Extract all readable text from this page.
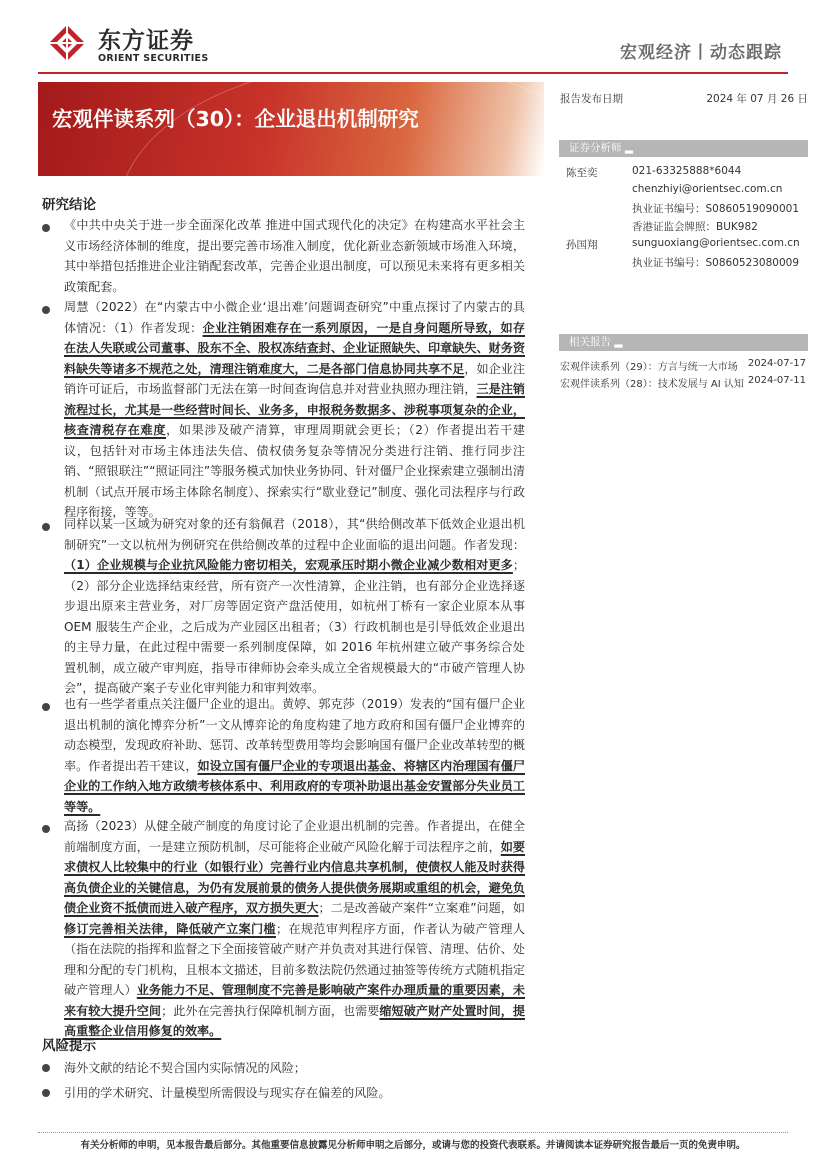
东方证券
ORIENT SECURITIES	宏观经济丨动态跟踪
宏观伴读系列（30）：企业退出机制研究
报告发布日期	2024 年 07 月 26 日
证券分析师 ▂
陈至奕	021-63325888*6044
chenzhiyi@orientsec.com.cn
执业证书编号：S0860519090001
香港证监会牌照：BUK982
孙国翔	sunguoxiang@orientsec.com.cn
执业证书编号：S0860523080009
相关报告 ▂
宏观伴读系列（29）：方言与统一大市场 2024-07-17
宏观伴读系列（28）：技术发展与 AI 认知 2024-07-11
研究结论
《中共中央关于进一步全面深化改革 推进中国式现代化的决定》在构建高水平社会主义市场经济体制的维度，提出要完善市场准入制度，优化新业态新领域市场准入环境，其中举措包括推进企业注销配套改革，完善企业退出制度，可以预见未来将有更多相关政策配套。
周慧（2022）在“内蒙古中小微企业‘退出难’问题调查研究”中重点探讨了内蒙古的具体情况：（1）作者发现：企业注销困难存在一系列原因，一是自身问题所导致，如存在法人失联或公司董事、股东不全、股权冻结查封、企业证照缺失、印章缺失、财务资料缺失等诸多不规范之处，清理注销难度大，二是各部门信息协同共享不足，如企业注销许可证后，市场监督部门无法在第一时间查询信息并对营业执照办理注销，三是注销流程过长，尤其是一些经营时间长、业务多，申报税务数据多、涉税事项复杂的企业，核查清税存在难度，如果涉及破产清算，审理周期就会更长；（2）作者提出若干建议，包括针对市场主体违法失信、债权债务复杂等情况分类进行注销、推行同步注销、“照银联注”“照证同注”等服务模式加快业务协同、针对僵尸企业探索建立强制出清机制（试点开展市场主体除名制度）、探索实行“歇业登记”制度、强化司法程序与行政程序衔接，等等。
同样以某一区域为研究对象的还有翁佩君（2018），其“供给侧改革下低效企业退出机制研究”一文以杭州为例研究在供给侧改革的过程中企业面临的退出问题。作者发现：（1）企业规模与企业抗风险能力密切相关，宏观承压时期小微企业减少数相对更多；（2）部分企业选择结束经营，所有资产一次性清算，企业注销，也有部分企业选择逐步退出原来主营业务，对厂房等固定资产盘活使用，如杭州丁桥有一家企业原本从事 OEM 服装生产企业，之后成为产业园区出租者；（3）行政机制也是引导低效企业退出的主导力量，在此过程中需要一系列制度保障，如 2016 年杭州建立破产事务综合处置机制，成立破产审判庭，指导市律师协会牵头成立全省规模最大的“市破产管理人协会”，提高破产案子专业化审判能力和审判效率。
也有一些学者重点关注僵尸企业的退出。黄婷、郭克莎（2019）发表的“国有僵尸企业退出机制的演化博弈分析”一文从博弈论的角度构建了地方政府和国有僵尸企业博弈的动态模型，发现政府补助、惩罚、改革转型费用等均会影响国有僵尸企业改革转型的概率。作者提出若干建议，如设立国有僵尸企业的专项退出基金、将辖区内治理国有僵尸企业的工作纳入地方政绩考核体系中、利用政府的专项补助退出基金安置部分失业员工等等。
高扬（2023）从健全破产制度的角度讨论了企业退出机制的完善。作者提出，在健全前端制度方面，一是建立预防机制，尽可能将企业破产风险化解于司法程序之前，如要求债权人比较集中的行业（如银行业）完善行业内信息共享机制，使债权人能及时获得高负债企业的关键信息，为仍有发展前景的债务人提供债务展期或重组的机会，避免负债企业资不抵债而进入破产程序，双方损失更大；二是改善破产案件“立案难”问题，如修订完善相关法律，降低破产立案门槛；在规范审判程序方面，作者认为破产管理人（指在法院的指挥和监督之下全面接管破产财产并负责对其进行保管、清理、估价、处理和分配的专门机构，且根本文描述，目前多数法院仍然通过抽签等传统方式随机指定破产管理人）业务能力不足、管理制度不完善是影响破产案件办理质量的重要因素，未来有较大提升空间；此外在完善执行保障机制方面，也需要缩短破产财产处置时间，提高重整企业信用修复的效率。
风险提示
海外文献的结论不契合国内实际情况的风险；
引用的学术研究、计量模型所需假设与现实存在偏差的风险。
有关分析师的申明，见本报告最后部分。其他重要信息披露见分析师申明之后部分，或请与您的投资代表联系。并请阅读本证券研究报告最后一页的免责申明。
